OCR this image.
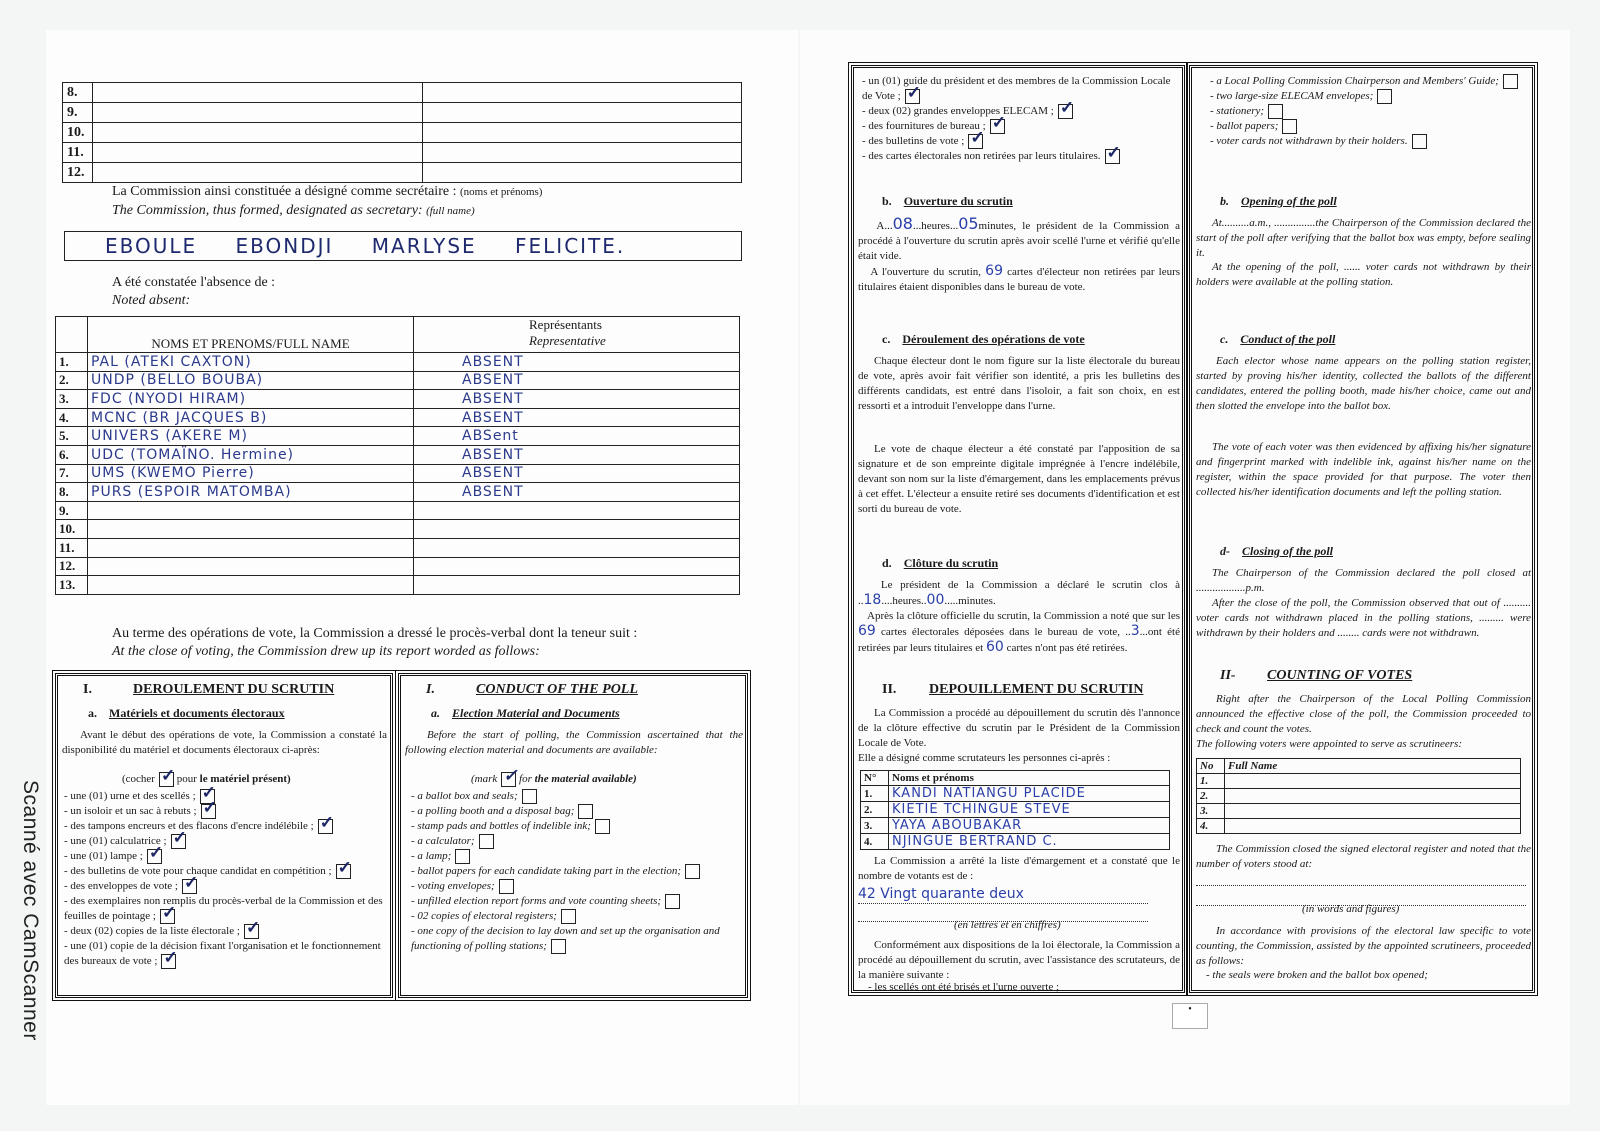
Scanné avec CamScanner
8.		
9.		
10.		
11.		
12.		
La Commission ainsi constituée a désigné comme secrétaire : (noms et prénoms)
The Commission, thus formed, designated as secretary: (full name)
EBOULE EBONDJI MARLYSE FELICITE.
A été constatée l'absence de :
Noted absent:
	NOMS ET PRENOMS/FULL NAME	Représentants
Representative

1.	PAL (ATEKI CAXTON)	ABSENT
2.	UNDP (BELLO BOUBA)	ABSENT
3.	FDC (NYODI HIRAM)	ABSENT
4.	MCNC (BR JACQUES B)	ABSENT
5.	UNIVERS (AKERE M)	ABSent
6.	UDC (TOMAÏNO. Hermine)	ABSENT
7.	UMS (KWEMO Pierre)	ABSENT
8.	PURS (ESPOIR MATOMBA)	ABSENT
9.		
10.		
11.		
12.		
13.		
Au terme des opérations de vote, la Commission a dressé le procès-verbal dont la teneur suit :
At the close of voting, the Commission drew up its report worded as follows:
I.	DEROULEMENT DU SCRUTIN
a. Matériels et documents électoraux
Avant le début des opérations de vote, la Commission a constaté la disponibilité du matériel et documents électoraux ci-après:
(cocher ✓ pour le matériel présent)
- une (01) urne et des scellés ;✓
- un isoloir et un sac à rebuts ;✓
- des tampons encreurs et des flacons d'encre indélébile ;✓
- une (01) calculatrice ;✓
- une (01) lampe ;✓
- des bulletins de vote pour chaque candidat en compétition ;✓
- des enveloppes de vote ;✓
- des exemplaires non remplis du procès-verbal de la Commission et des feuilles de pointage ;✓
- deux (02) copies de la liste électorale ;✓
- une (01) copie de la décision fixant l'organisation et le fonctionnement des bureaux de vote ;✓
I.	CONDUCT OF THE POLL
a. Election Material and Documents
Before the start of polling, the Commission ascertained that the following election material and documents are available:
(mark ✓ for the material available)
- a ballot box and seals;
- a polling booth and a disposal bag;
- stamp pads and bottles of indelible ink;
- a calculator;
- a lamp;
- ballot papers for each candidate taking part in the election;
- voting envelopes;
- unfilled election report forms and vote counting sheets;
- 02 copies of electoral registers;
- one copy of the decision to lay down and set up the organisation and functioning of polling stations;
- un (01) guide du président et des membres de la Commission Locale de Vote ;✓
- deux (02) grandes enveloppes ELECAM ;✓
- des fournitures de bureau ;✓
- des bulletins de vote ;✓
- des cartes électorales non retirées par leurs titulaires.✓
b. Ouverture du scrutin
A...08...heures...05minutes, le président de la Commission a procédé à l'ouverture du scrutin après avoir scellé l'urne et vérifié qu'elle était vide.
A l'ouverture du scrutin, 69 cartes d'électeur non retirées par leurs titulaires étaient disponibles dans le bureau de vote.
c. Déroulement des opérations de vote
Chaque électeur dont le nom figure sur la liste électorale du bureau de vote, après avoir fait vérifier son identité, a pris les bulletins des différents candidats, est entré dans l'isoloir, a fait son choix, en est ressorti et a introduit l'enveloppe dans l'urne.
Le vote de chaque électeur a été constaté par l'apposition de sa signature et de son empreinte digitale imprégnée à l'encre indélébile, devant son nom sur la liste d'émargement, dans les emplacements prévus à cet effet. L'électeur a ensuite retiré ses documents d'identification et est sorti du bureau de vote.
d. Clôture du scrutin
Le président de la Commission a déclaré le scrutin clos à ..18....heures..00.....minutes.
Après la clôture officielle du scrutin, la Commission a noté que sur les 69 cartes électorales déposées dans le bureau de vote, ..3...ont été retirées par leurs titulaires et 60 cartes n'ont pas été retirées.
II. DEPOUILLEMENT DU SCRUTIN
La Commission a procédé au dépouillement du scrutin dès l'annonce de la clôture effective du scrutin par le Président de la Commission Locale de Vote.
Elle a désigné comme scrutateurs les personnes ci-après :
N°	Noms et prénoms
1.	KANDI NATIANGU PLACIDE
2.	KIETIE TCHINGUE STEVE
3.	YAYA ABOUBAKAR
4.	NJINGUE BERTRAND C.
La Commission a arrêté la liste d'émargement et a constaté que le nombre de votants est de :
42 Vingt quarante deux
(en lettres et en chiffres)
Conformément aux dispositions de la loi électorale, la Commission a procédé au dépouillement du scrutin, avec l'assistance des scrutateurs, de la manière suivante :
- les scellés ont été brisés et l'urne ouverte ;
- a Local Polling Commission Chairperson and Members' Guide;
- two large-size ELECAM envelopes;
- stationery;
- ballot papers;
- voter cards not withdrawn by their holders.
b. Opening of the poll
At..........a.m., ...............the Chairperson of the Commission declared the start of the poll after verifying that the ballot box was empty, before sealing it.
At the opening of the poll, ...... voter cards not withdrawn by their holders were available at the polling station.
c. Conduct of the poll
Each elector whose name appears on the polling station register, started by proving his/her identity, collected the ballots of the different candidates, entered the polling booth, made his/her choice, came out and then slotted the envelope into the ballot box.
The vote of each voter was then evidenced by affixing his/her signature and fingerprint marked with indelible ink, against his/her name on the register, within the space provided for that purpose. The voter then collected his/her identification documents and left the polling station.
d- Closing of the poll
The Chairperson of the Commission declared the poll closed at ..................p.m.
After the close of the poll, the Commission observed that out of .......... voter cards not withdrawn placed in the polling stations, ......... were withdrawn by their holders and ........ cards were not withdrawn.
II- COUNTING OF VOTES
Right after the Chairperson of the Local Polling Commission announced the effective close of the poll, the Commission proceeded to check and count the votes.
The following voters were appointed to serve as scrutineers:
No	Full Name
1.	
2.	
3.	
4.	
The Commission closed the signed electoral register and noted that the number of voters stood at:
(in words and figures)
In accordance with provisions of the electoral law specific to vote counting, the Commission, assisted by the appointed scrutineers, proceeded as follows:
- the seals were broken and the ballot box opened;
•
